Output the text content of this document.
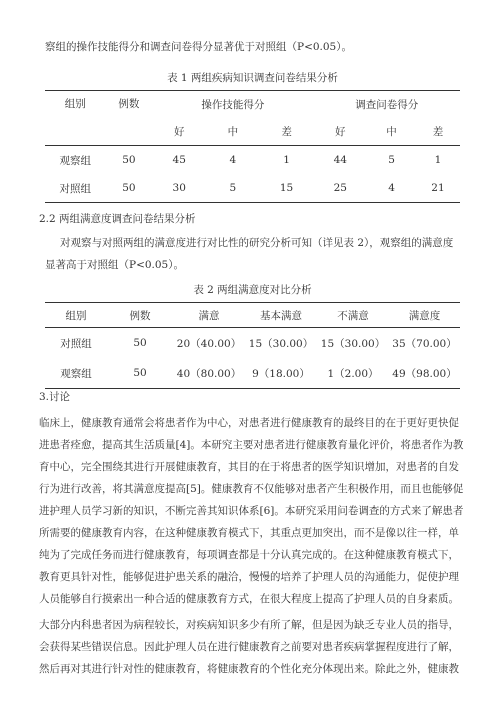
察组的操作技能得分和调查问卷得分显著优于对照组（P<0.05）。

表 1 两组疾病知识调查问卷结果分析
组别	例数	操作技能得分			调查问卷得分		
		好	中	差	好	中	差
观察组	50	45	4	1	44	5	1
对照组	50	30	5	15	25	4	21

2.2 两组满意度调查问卷结果分析

对观察与对照两组的满意度进行对比性的研究分析可知（详见表 2），观察组的满意度

显著高于对照组（P<0.05）。

表 2 两组满意度对比分析
组别	例数	满意	基本满意	不满意	满意度
对照组	50	20（40.00）	15（30.00）	15（30.00）	35（70.00）
观察组	50	40（80.00）	9（18.00）	1（2.00）	49（98.00）

3.讨论

临床上，健康教育通常会将患者作为中心，对患者进行健康教育的最终目的在于更好更快促

进患者痊愈，提高其生活质量[4]。本研究主要对患者进行健康教育量化评价，将患者作为教

育中心，完全围绕其进行开展健康教育，其目的在于将患者的医学知识增加，对患者的自发

行为进行改善，将其满意度提高[5]。健康教育不仅能够对患者产生积极作用，而且也能够促

进护理人员学习新的知识，不断完善其知识体系[6]。本研究采用问卷调查的方式来了解患者

所需要的健康教育内容，在这种健康教育模式下，其重点更加突出，而不是像以往一样，单

纯为了完成任务而进行健康教育，每项调查都是十分认真完成的。在这种健康教育模式下，

教育更具针对性，能够促进护患关系的融洽，慢慢的培养了护理人员的沟通能力，促使护理

人员能够自行摸索出一种合适的健康教育方式，在很大程度上提高了护理人员的自身素质。

大部分内科患者因为病程较长，对疾病知识多少有所了解，但是因为缺乏专业人员的指导，

会获得某些错误信息。因此护理人员在进行健康教育之前要对患者疾病掌握程度进行了解，

然后再对其进行针对性的健康教育，将健康教育的个性化充分体现出来。除此之外，健康教
